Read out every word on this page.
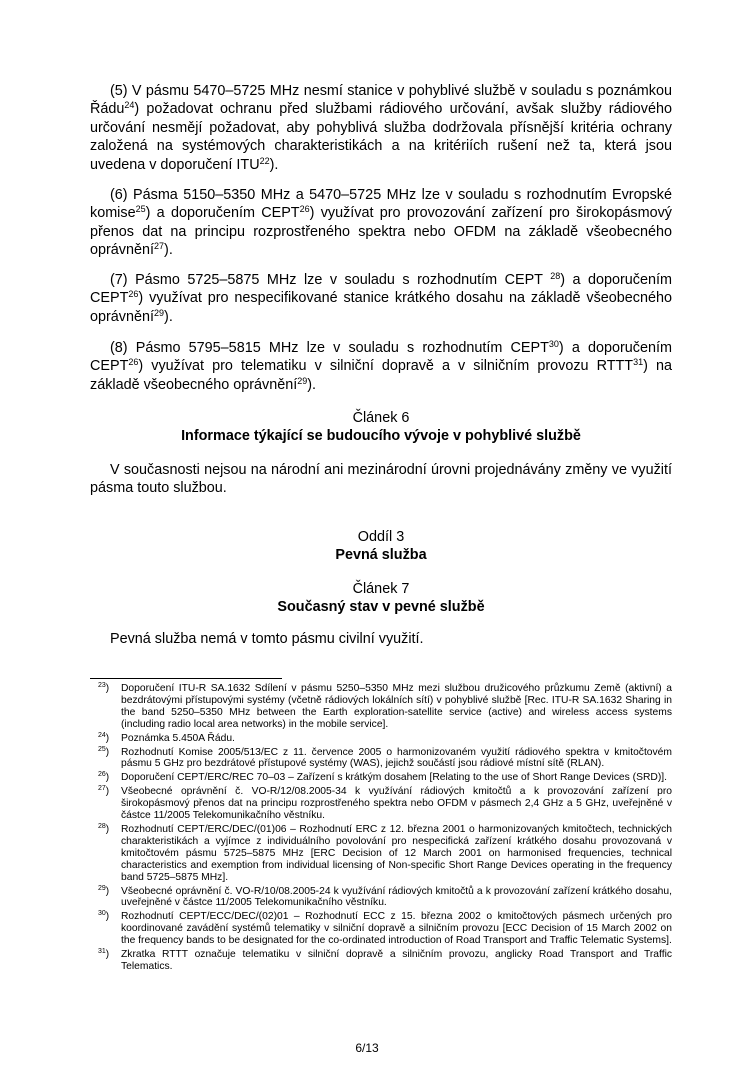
(5) V pásmu 5470–5725 MHz nesmí stanice v pohyblivé službě v souladu s poznámkou Řádu$^{24}$) požadovat ochranu před službami rádiového určování, avšak služby rádiového určování nesmějí požadovat, aby pohyblivá služba dodržovala přísnější kritéria ochrany založená na systémových charakteristikách a na kritériích rušení než ta, která jsou uvedena v doporučení ITU$^{22}$).

(6) Pásma 5150–5350 MHz a 5470–5725 MHz lze v souladu s rozhodnutím Evropské komise$^{25}$) a doporučením CEPT$^{26}$) využívat pro provozování zařízení pro širokopásmový přenos dat na principu rozprostřeného spektra nebo OFDM na základě všeobecného oprávnění$^{27}$).

(7) Pásmo 5725–5875 MHz lze v souladu s rozhodnutím CEPT $^{28}$) a doporučením CEPT$^{26}$) využívat pro nespecifikované stanice krátkého dosahu na základě všeobecného oprávnění$^{29}$).

(8) Pásmo 5795–5815 MHz lze v souladu s rozhodnutím CEPT$^{30}$) a doporučením CEPT$^{26}$) využívat pro telematiku v silniční dopravě a v silničním provozu RTTT$^{31}$) na základě všeobecného oprávnění$^{29}$).

Článek 6
Informace týkající se budoucího vývoje v pohyblivé službě

V současnosti nejsou na národní ani mezinárodní úrovni projednávány změny ve využití pásma touto službou.

Oddíl 3
Pevná služba
Článek 7
Současný stav v pevné službě

Pevná služba nemá v tomto pásmu civilní využití.

$^{23}$) Doporučení ITU-R SA.1632 Sdílení v pásmu 5250–5350 MHz mezi službou družicového průzkumu Země (aktivní) a bezdrátovými přístupovými systémy (včetně rádiových lokálních sítí) v pohyblivé službě [Rec. ITU-R SA.1632 Sharing in the band 5250–5350 MHz between the Earth exploration-satellite service (active) and wireless access systems (including radio local area networks) in the mobile service].
$^{24}$) Poznámka 5.450A Řádu.
$^{25}$) Rozhodnutí Komise 2005/513/EC z 11. července 2005 o harmonizovaném využití rádiového spektra v kmitočtovém pásmu 5 GHz pro bezdrátové přístupové systémy (WAS), jejichž součástí jsou rádiové místní sítě (RLAN).
$^{26}$) Doporučení CEPT/ERC/REC 70–03 – Zařízení s krátkým dosahem [Relating to the use of Short Range Devices (SRD)].
$^{27}$) Všeobecné oprávnění č. VO-R/12/08.2005-34 k využívání rádiových kmitočtů a k provozování zařízení pro širokopásmový přenos dat na principu rozprostřeného spektra nebo OFDM v pásmech 2,4 GHz a 5 GHz, uveřejněné v částce 11/2005 Telekomunikačního věstníku.
$^{28}$) Rozhodnutí CEPT/ERC/DEC/(01)06 – Rozhodnutí ERC z 12. března 2001 o harmonizovaných kmitočtech, technických charakteristikách a vyjímce z individuálního povolování pro nespecifická zařízení krátkého dosahu provozovaná v kmitočtovém pásmu 5725–5875 MHz [ERC Decision of 12 March 2001 on harmonised frequencies, technical characteristics and exemption from individual licensing of Non-specific Short Range Devices operating in the frequency band 5725–5875 MHz].
$^{29}$) Všeobecné oprávnění č. VO-R/10/08.2005-24 k využívání rádiových kmitočtů a k provozování zařízení krátkého dosahu, uveřejněné v částce 11/2005 Telekomunikačního věstníku.
$^{30}$) Rozhodnutí CEPT/ECC/DEC/(02)01 – Rozhodnutí ECC z 15. března 2002 o kmitočtových pásmech určených pro koordinované zavádění systémů telematiky v silniční dopravě a silničním provozu [ECC Decision of 15 March 2002 on the frequency bands to be designated for the co-ordinated introduction of Road Transport and Traffic Telematic Systems].
$^{31}$) Zkratka RTTT označuje telematiku v silniční dopravě a silničním provozu, anglicky Road Transport and Traffic Telematics.
6/13
